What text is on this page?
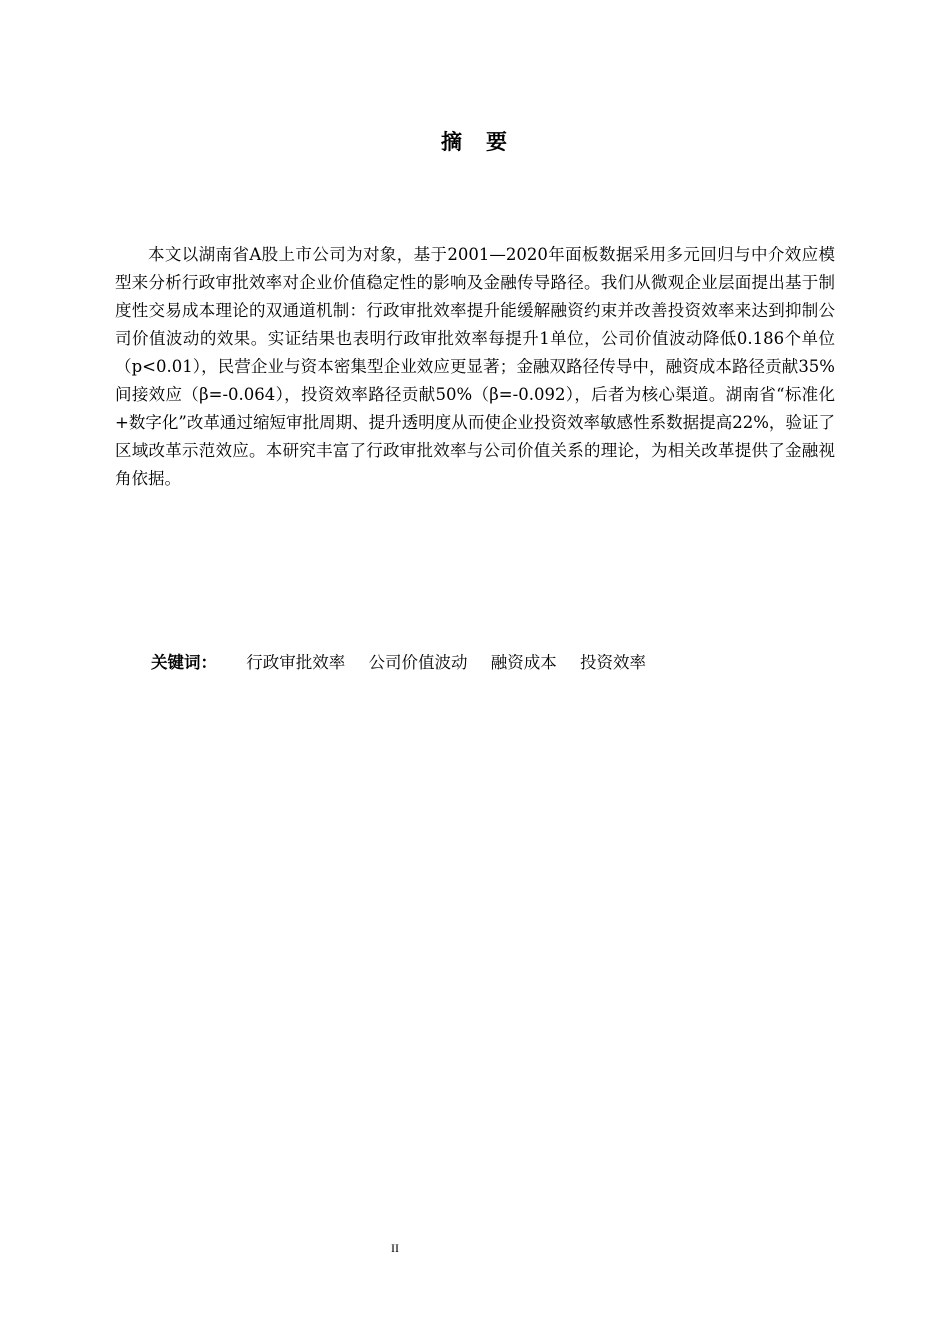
摘 要

本文以湖南省A股上市公司为对象，基于2001—2020年面板数据采用多元回归与中介效应模型来分析行政审批效率对企业价值稳定性的影响及金融传导路径。我们从微观企业层面提出基于制度性交易成本理论的双通道机制：行政审批效率提升能缓解融资约束并改善投资效率来达到抑制公司价值波动的效果。实证结果也表明行政审批效率每提升1单位，公司价值波动降低0.186个单位（p<0.01），民营企业与资本密集型企业效应更显著；金融双路径传导中，融资成本路径贡献35%间接效应（β=-0.064），投资效率路径贡献50%（β=-0.092），后者为核心渠道。湖南省“标准化+数字化”改革通过缩短审批周期、提升透明度从而使企业投资效率敏感性系数据提高22%，验证了区域改革示范效应。本研究丰富了行政审批效率与公司价值关系的理论，为相关改革提供了金融视角依据。

关键词： 行政审批效率 公司价值波动 融资成本 投资效率
II
